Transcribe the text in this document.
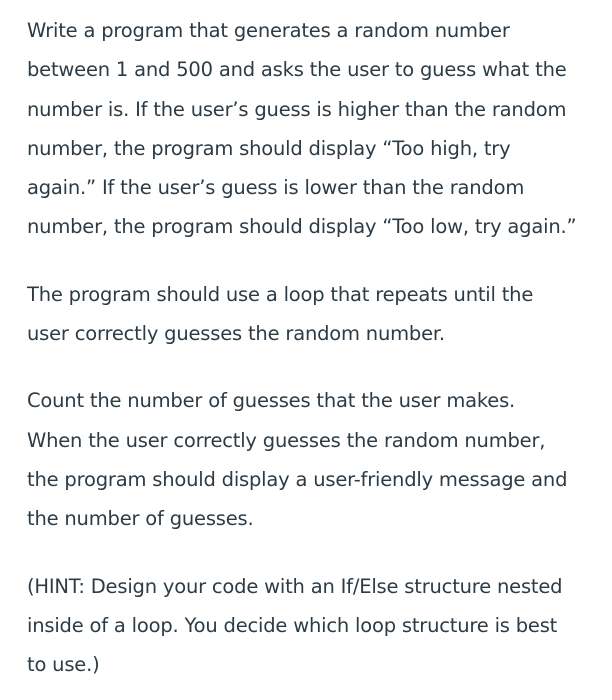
Write a program that generates a random number
between 1 and 500 and asks the user to guess what the
number is. If the user’s guess is higher than the random
number, the program should display “Too high, try
again.” If the user’s guess is lower than the random
number, the program should display “Too low, try again.”
The program should use a loop that repeats until the
user correctly guesses the random number.
Count the number of guesses that the user makes.
When the user correctly guesses the random number,
the program should display a user-friendly message and
the number of guesses.
(HINT: Design your code with an If/Else structure nested
inside of a loop. You decide which loop structure is best
to use.)
